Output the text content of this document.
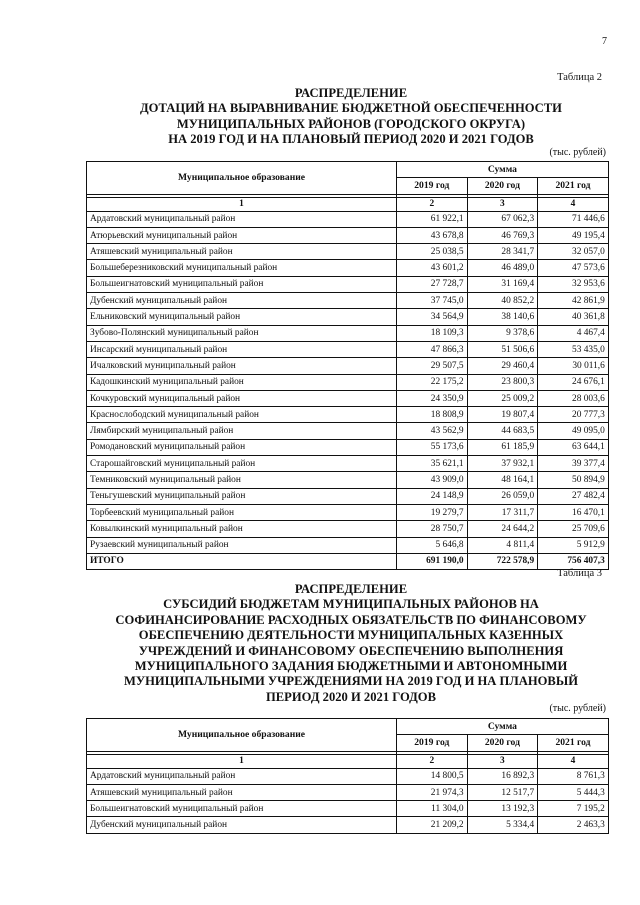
7
Таблица 2
РАСПРЕДЕЛЕНИЕ
ДОТАЦИЙ НА ВЫРАВНИВАНИЕ БЮДЖЕТНОЙ ОБЕСПЕЧЕННОСТИ
МУНИЦИПАЛЬНЫХ РАЙОНОВ (ГОРОДСКОГО ОКРУГА)
НА 2019 ГОД И НА ПЛАНОВЫЙ ПЕРИОД 2020 И 2021 ГОДОВ
(тыс. рублей)
Муниципальное образование	Сумма		
	2019 год	2020 год	2021 год

1	2	3	4
Ардатовский муниципальный район	61 922,1	67 062,3	71 446,6
Атюрьевский муниципальный район	43 678,8	46 769,3	49 195,4
Атяшевский муниципальный район	25 038,5	28 341,7	32 057,0
Большеберезниковский муниципальный район	43 601,2	46 489,0	47 573,6
Большеигнатовский муниципальный район	27 728,7	31 169,4	32 953,6
Дубенский муниципальный район	37 745,0	40 852,2	42 861,9
Ельниковский муниципальный район	34 564,9	38 140,6	40 361,8
Зубово-Полянский муниципальный район	18 109,3	9 378,6	4 467,4
Инсарский муниципальный район	47 866,3	51 506,6	53 435,0
Ичалковский муниципальный район	29 507,5	29 460,4	30 011,6
Кадошкинский муниципальный район	22 175,2	23 800,3	24 676,1
Кочкуровский муниципальный район	24 350,9	25 009,2	28 003,6
Краснослободский муниципальный район	18 808,9	19 807,4	20 777,3
Лямбирский муниципальный район	43 562,9	44 683,5	49 095,0
Ромодановский муниципальный район	55 173,6	61 185,9	63 644,1
Старошайговский муниципальный район	35 621,1	37 932,1	39 377,4
Темниковский муниципальный район	43 909,0	48 164,1	50 894,9
Теньгушевский муниципальный район	24 148,9	26 059,0	27 482,4
Торбеевский муниципальный район	19 279,7	17 311,7	16 470,1
Ковылкинский муниципальный район	28 750,7	24 644,2	25 709,6
Рузаевский муниципальный район	5 646,8	4 811,4	5 912,9
ИТОГО	691 190,0	722 578,9	756 407,3
Таблица 3
РАСПРЕДЕЛЕНИЕ
СУБСИДИЙ БЮДЖЕТАМ МУНИЦИПАЛЬНЫХ РАЙОНОВ НА
СОФИНАНСИРОВАНИЕ РАСХОДНЫХ ОБЯЗАТЕЛЬСТВ ПО ФИНАНСОВОМУ
ОБЕСПЕЧЕНИЮ ДЕЯТЕЛЬНОСТИ МУНИЦИПАЛЬНЫХ КАЗЕННЫХ
УЧРЕЖДЕНИЙ И ФИНАНСОВОМУ ОБЕСПЕЧЕНИЮ ВЫПОЛНЕНИЯ
МУНИЦИПАЛЬНОГО ЗАДАНИЯ БЮДЖЕТНЫМИ И АВТОНОМНЫМИ
МУНИЦИПАЛЬНЫМИ УЧРЕЖДЕНИЯМИ НА 2019 ГОД И НА ПЛАНОВЫЙ
ПЕРИОД 2020 И 2021 ГОДОВ
(тыс. рублей)
Муниципальное образование	Сумма		
	2019 год	2020 год	2021 год

1	2	3	4
Ардатовский муниципальный район	14 800,5	16 892,3	8 761,3
Атяшевский муниципальный район	21 974,3	12 517,7	5 444,3
Большеигнатовский муниципальный район	11 304,0	13 192,3	7 195,2
Дубенский муниципальный район	21 209,2	5 334,4	2 463,3
